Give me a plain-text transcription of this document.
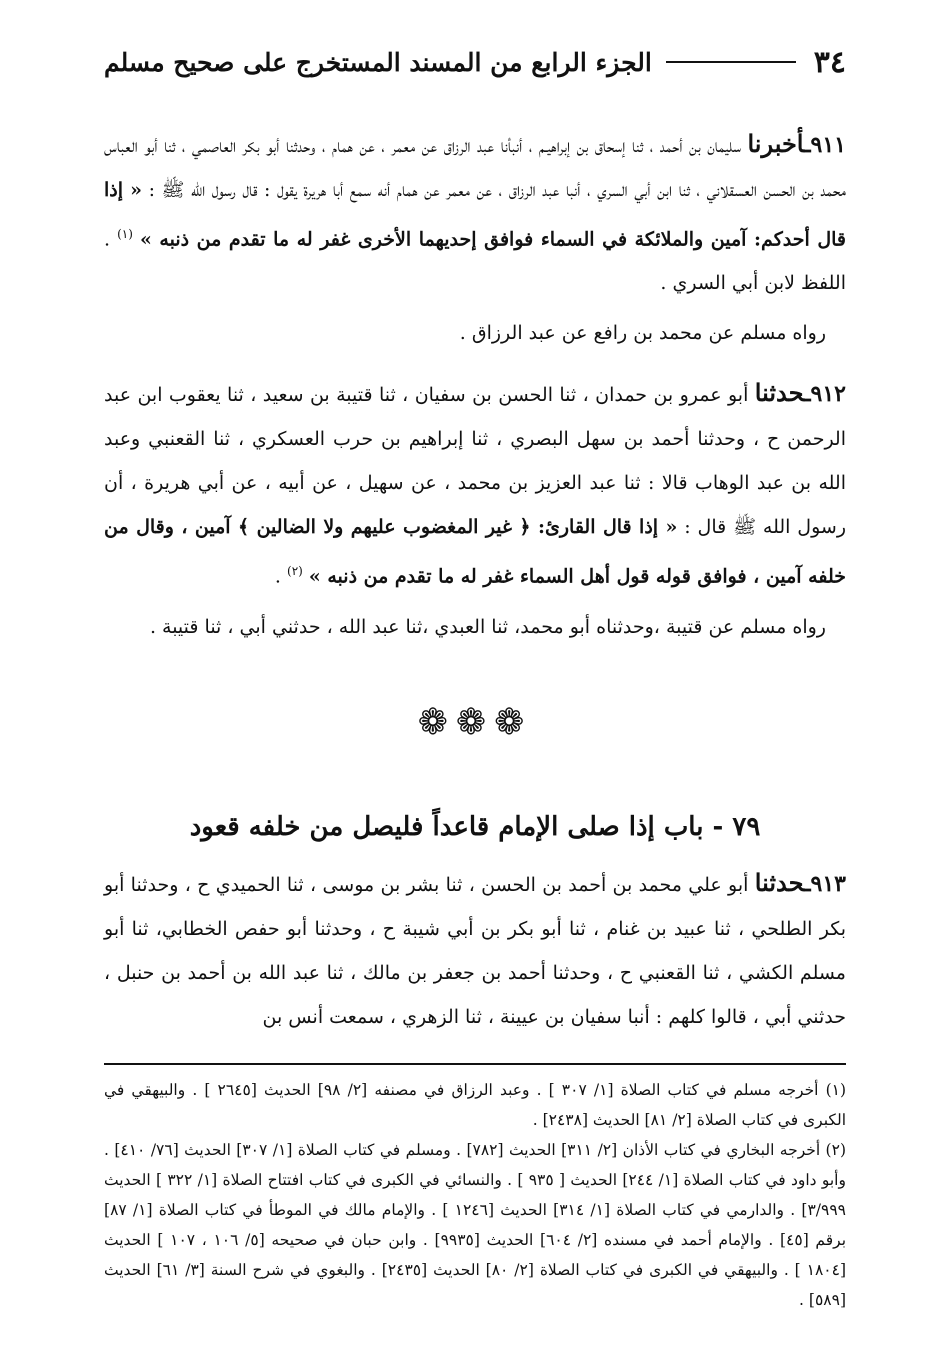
٣٤
الجزء الرابع من المسند المستخرج على صحيح مسلم

٩١١ـأخبرنا سليمان بن أحمد ، ثنا إسحاق بن إبراهيـم ، أنبأنا عبد الرزاق عن معمر ، عن همام ، وحدثنا أبو بكر العاصمي ، ثنا أبو العباس محمد بن الحسن العسقلاني ، ثنا ابن أبي السري ، أنبا عبد الرزاق ، عن معمر عن همام أنه سمع أبا هريرة يقول : قال رسول الله ﷺ : « إذا قال أحدكم: آمين والملائكة في السماء فوافق إحديهما الأخرى غفر له ما تقدم من ذنبه » $^{(١)}$ . اللفظ لابن أبي السري .

رواه مسلم عن محمد بن رافع عن عبد الرزاق .

٩١٢ـحدثنا أبو عمرو بن حمدان ، ثنا الحسن بن سفيان ، ثنا قتيبة بن سعيد ، ثنا يعقوب ابن عبد الرحمن ح ، وحدثنا أحمد بن سهل البصري ، ثنا إبراهيم بن حرب العسكري ، ثنا القعنبي وعبد الله بن عبد الوهاب قالا : ثنا عبد العزيز بن محمد ، عن سهيل ، عن أبيه ، عن أبي هريرة ، أن رسول الله ﷺ قال : « إذا قال القارئ: ﴿ غير المغضوب عليهم ولا الضالين ﴾ آمين ، وقال من خلفه آمين ، فوافق قوله قول أهل السماء غفر له ما تقدم من ذنبه » $^{(٢)}$ .

رواه مسلم عن قتيبة ،وحدثناه أبو محمد، ثنا العبدي ،ثنا عبد الله ، حدثني أبي ، ثنا قتيبة .

❁❁❁
٧٩ - باب إذا صلى الإمام قاعداً فليصل من خلفه قعود

٩١٣ـحدثنا أبو علي محمد بن أحمد بن الحسن ، ثنا بشر بن موسى ، ثنا الحميدي ح ، وحدثنا أبو بكر الطلحي ، ثنا عبيد بن غنام ، ثنا أبو بكر بن أبي شيبة ح ، وحدثنا أبو حفص الخطابي، ثنا أبو مسلم الكشي ، ثنا القعنبي ح ، وحدثنا أحمد بن جعفر بن مالك ، ثنا عبد الله بن أحمد بن حنبل ، حدثني أبي ، قالوا كلهم : أنبا سفيان بن عيينة ، ثنا الزهري ، سمعت أنس بن

(١) أخرجه مسلم في كتاب الصلاة [١/ ٣٠٧ ] . وعبد الرزاق في مصنفه [٢/ ٩٨] الحديث [٢٦٤٥ ] . والبيهقي في الكبرى في كتاب الصلاة [٢/ ٨١] الحديث [٢٤٣٨] .

(٢) أخرجه البخاري في كتاب الأذان [٢/ ٣١١] الحديث [٧٨٢] . ومسلم في كتاب الصلاة [١/ ٣٠٧] الحديث [٧٦/ ٤١٠] . وأبو داود في كتاب الصلاة [١/ ٢٤٤] الحديث [ ٩٣٥ ] . والنسائي في الكبرى في كتاب افتتاح الصلاة [١/ ٣٢٢ ] الحديث ٣/٩٩٩] . والدارمي في كتاب الصلاة [١/ ٣١٤] الحديث [١٢٤٦ ] . والإمام مالك في الموطأ في كتاب الصلاة [١/ ٨٧] برقم [٤٥] . والإمام أحمد في مسنده [٢/ ٦٠٤] الحديث [٩٩٣٥] . وابن حبان في صحيحه [٥/ ١٠٦ ، ١٠٧ ] الحديث [١٨٠٤ ] . والبيهقي في الكبرى في كتاب الصلاة [٢/ ٨٠] الحديث [٢٤٣٥] . والبغوي في شرح السنة [٣/ ٦١] الحديث [٥٨٩] .
